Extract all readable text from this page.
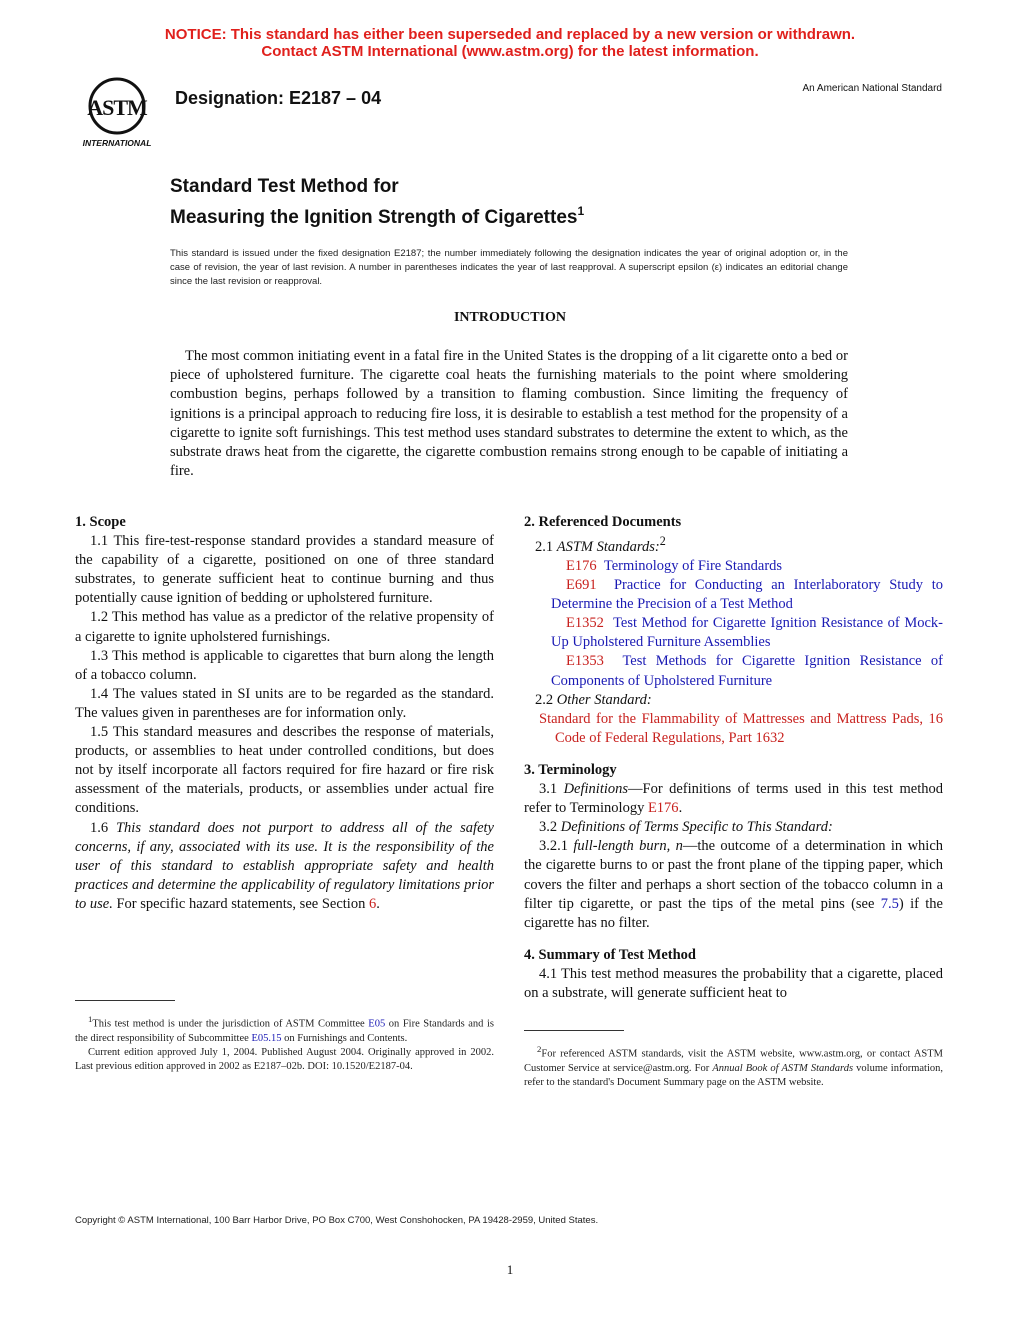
NOTICE: This standard has either been superseded and replaced by a new version or withdrawn.
Contact ASTM International (www.astm.org) for the latest information.
ASTM
INTERNATIONAL
Designation: E2187 – 04	An American National Standard
Standard Test Method for
Measuring the Ignition Strength of Cigarettes$^1$
This standard is issued under the fixed designation E2187; the number immediately following the designation indicates the year of original adoption or, in the case of revision, the year of last revision. A number in parentheses indicates the year of last reapproval. A superscript epsilon (ε) indicates an editorial change since the last revision or reapproval.
INTRODUCTION
The most common initiating event in a fatal fire in the United States is the dropping of a lit cigarette onto a bed or piece of upholstered furniture. The cigarette coal heats the furnishing materials to the point where smoldering combustion begins, perhaps followed by a transition to flaming combustion. Since limiting the frequency of ignitions is a principal approach to reducing fire loss, it is desirable to establish a test method for the propensity of a cigarette to ignite soft furnishings. This test method uses standard substrates to determine the extent to which, as the substrate draws heat from the cigarette, the cigarette combustion remains strong enough to be capable of initiating a fire.

1. Scope

1.1 This fire-test-response standard provides a standard measure of the capability of a cigarette, positioned on one of three standard substrates, to generate sufficient heat to continue burning and thus potentially cause ignition of bedding or upholstered furniture.

1.2 This method has value as a predictor of the relative propensity of a cigarette to ignite upholstered furnishings.

1.3 This method is applicable to cigarettes that burn along the length of a tobacco column.

1.4 The values stated in SI units are to be regarded as the standard. The values given in parentheses are for information only.

1.5 This standard measures and describes the response of materials, products, or assemblies to heat under controlled conditions, but does not by itself incorporate all factors required for fire hazard or fire risk assessment of the materials, products, or assemblies under actual fire conditions.

1.6 This standard does not purport to address all of the safety concerns, if any, associated with its use. It is the responsibility of the user of this standard to establish appropriate safety and health practices and determine the applicability of regulatory limitations prior to use. For specific hazard statements, see Section 6.

$^1$This test method is under the jurisdiction of ASTM Committee E05 on Fire Standards and is the direct responsibility of Subcommittee E05.15 on Furnishings and Contents.

Current edition approved July 1, 2004. Published August 2004. Originally approved in 2002. Last previous edition approved in 2002 as E2187–02b. DOI: 10.1520/E2187-04.

2. Referenced Documents

2.1 ASTM Standards:$^2$

E176 Terminology of Fire Standards

E691 Practice for Conducting an Interlaboratory Study to Determine the Precision of a Test Method

E1352 Test Method for Cigarette Ignition Resistance of Mock-Up Upholstered Furniture Assemblies

E1353 Test Methods for Cigarette Ignition Resistance of Components of Upholstered Furniture

2.2 Other Standard:

Standard for the Flammability of Mattresses and Mattress Pads, 16 Code of Federal Regulations, Part 1632

3. Terminology

3.1 Definitions—For definitions of terms used in this test method refer to Terminology E176.

3.2 Definitions of Terms Specific to This Standard:

3.2.1 full-length burn, n—the outcome of a determination in which the cigarette burns to or past the front plane of the tipping paper, which covers the filter and perhaps a short section of the tobacco column in a filter tip cigarette, or past the tips of the metal pins (see 7.5) if the cigarette has no filter.

4. Summary of Test Method

4.1 This test method measures the probability that a cigarette, placed on a substrate, will generate sufficient heat to

$^2$For referenced ASTM standards, visit the ASTM website, www.astm.org, or contact ASTM Customer Service at service@astm.org. For Annual Book of ASTM Standards volume information, refer to the standard's Document Summary page on the ASTM website.

Copyright © ASTM International, 100 Barr Harbor Drive, PO Box C700, West Conshohocken, PA 19428-2959, United States.
1
